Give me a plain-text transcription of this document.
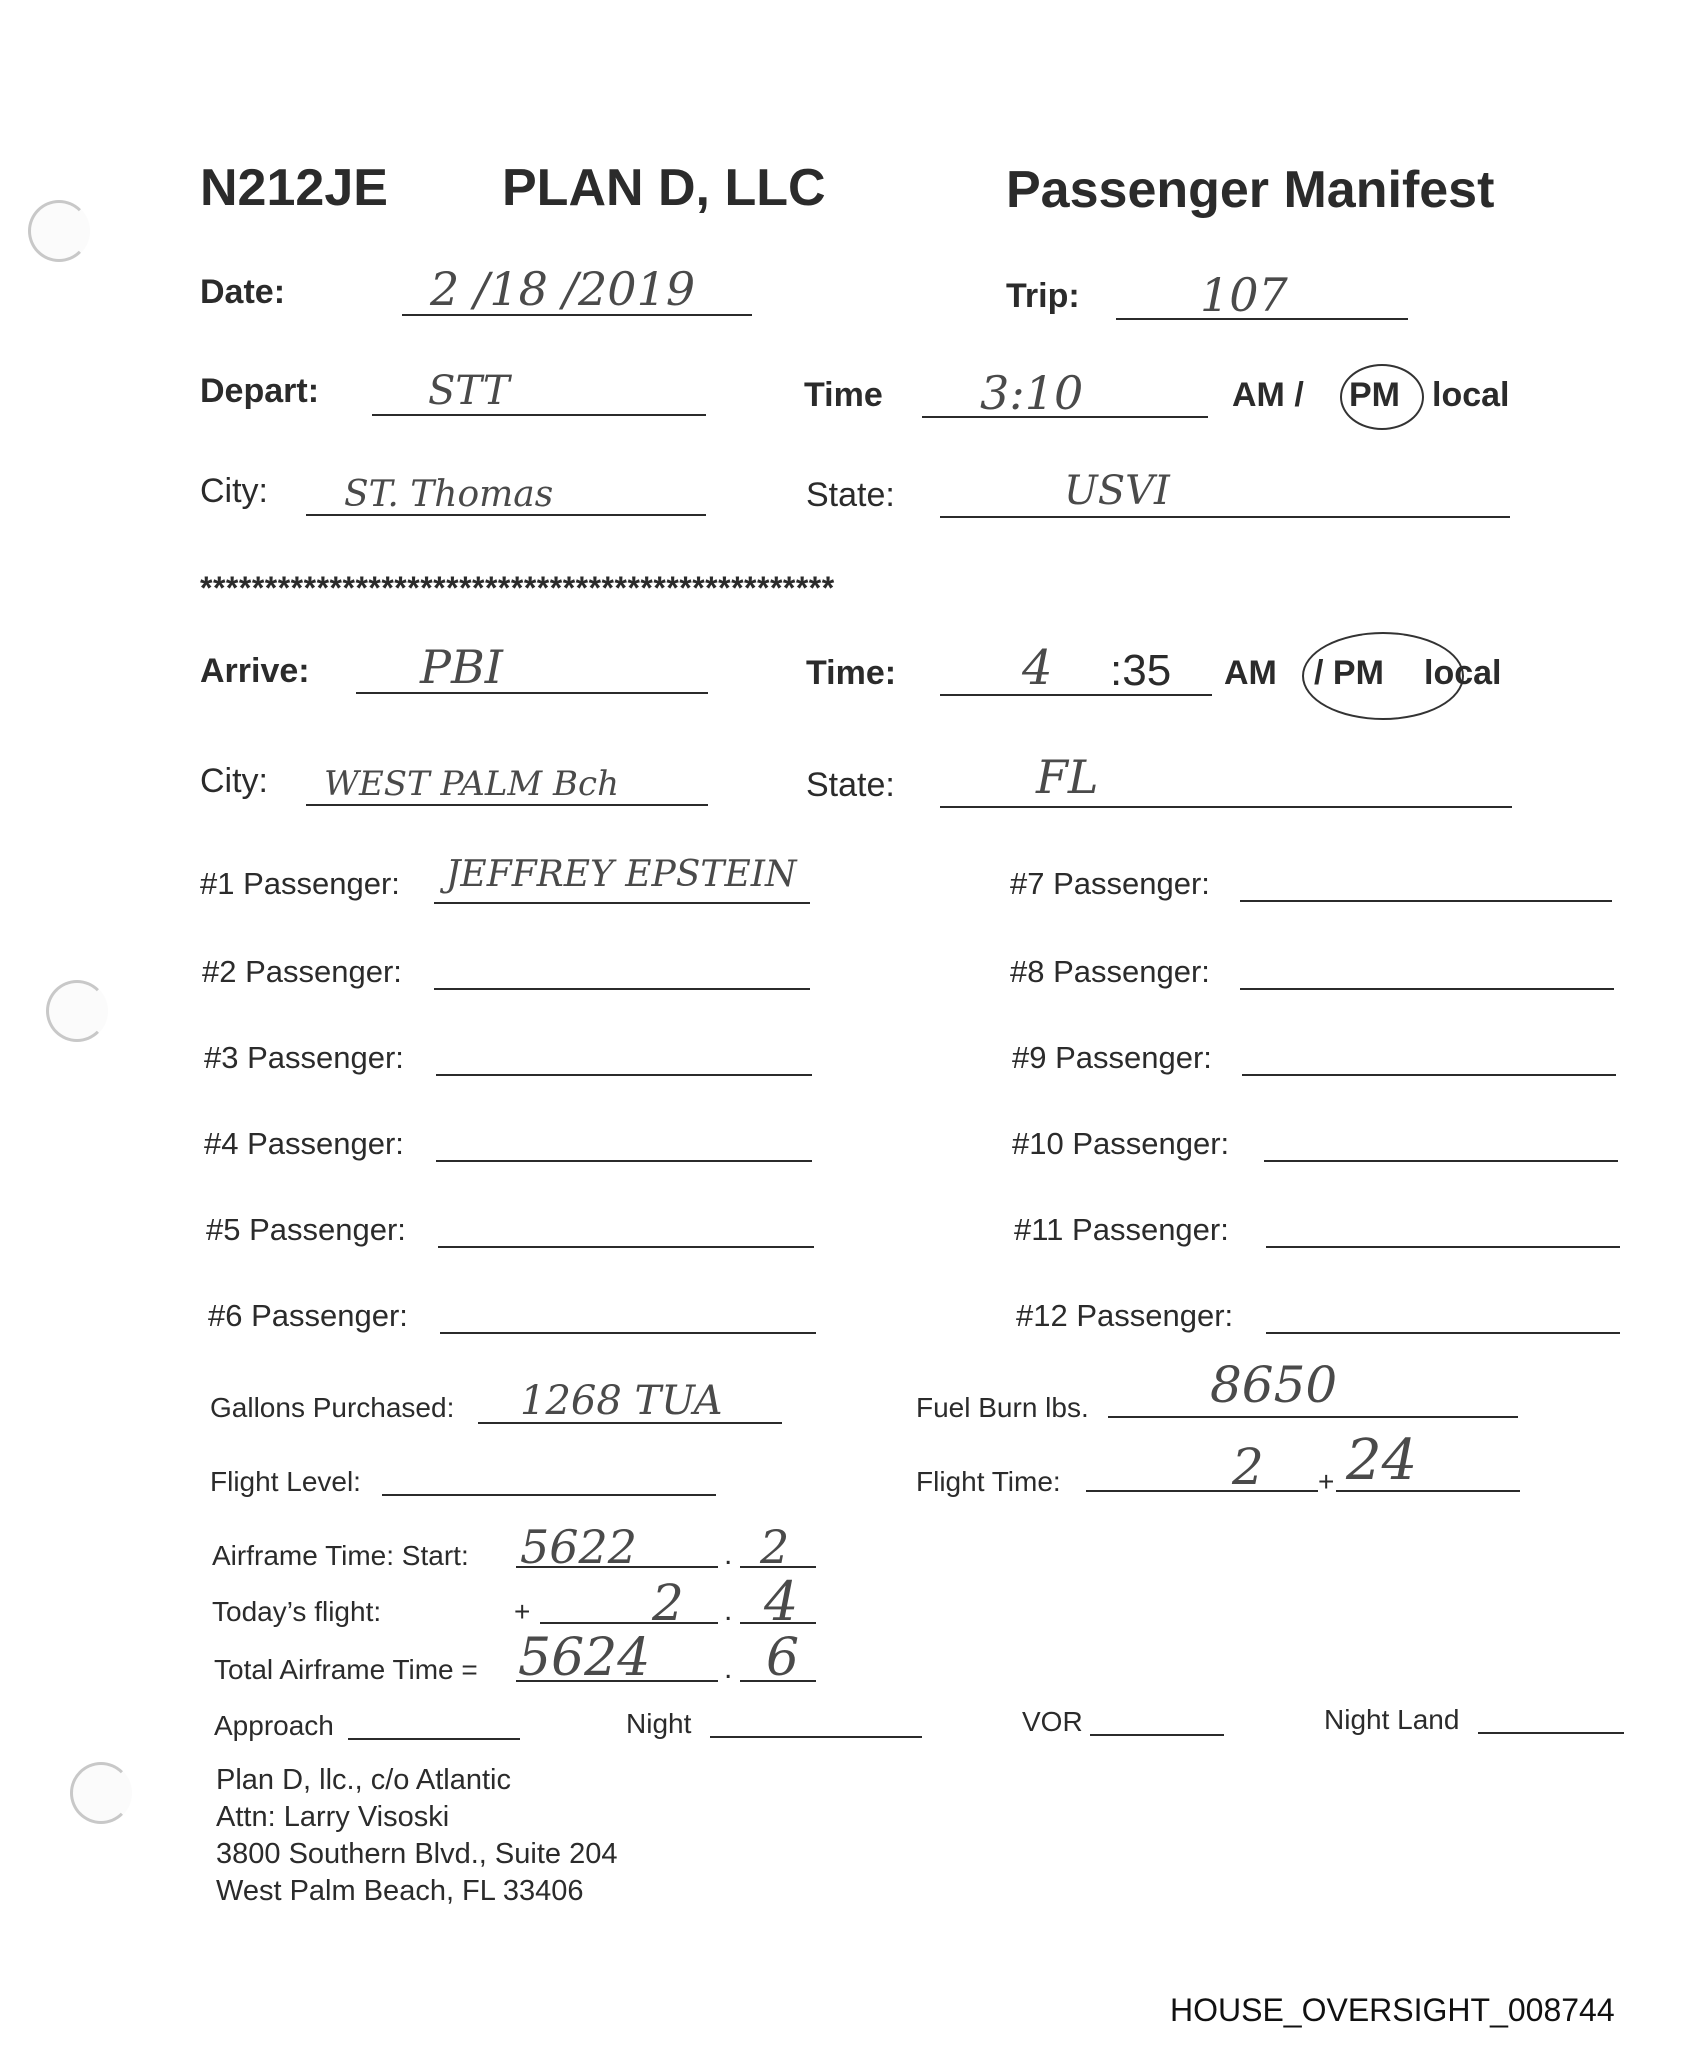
N212JE PLAN D, LLC	Passenger Manifest
Date:	2 /18 /2019	Trip:	107
Depart:	STT	Time 3:10	AM / PM local
City: ST. Thomas	State:	USVI
*************************************************
Arrive: PBI	Time:	4 :35 AM / PM local
City: WEST PALM Bch	State:	FL
#1 Passenger: JEFFREY EPSTEIN
#2 Passenger:
#3 Passenger:
#4 Passenger:
#5 Passenger:
#6 Passenger:
#7 Passenger:
#8 Passenger:
#9 Passenger:
#10 Passenger:
#11 Passenger:
#12 Passenger:
Gallons Purchased: 1268 TUA	Fuel Burn lbs. 8650
Flight Level:	Flight Time:	2 + 24
Airframe Time: Start: 5622	. 2
Today’s flight:	+ 2 . 4
Total Airframe Time = 5624 . 6
Approach	Night	VOR	Night Land
Plan D, llc., c/o Atlantic
Attn: Larry Visoski
3800 Southern Blvd., Suite 204
West Palm Beach, FL 33406
HOUSE_OVERSIGHT_008744
